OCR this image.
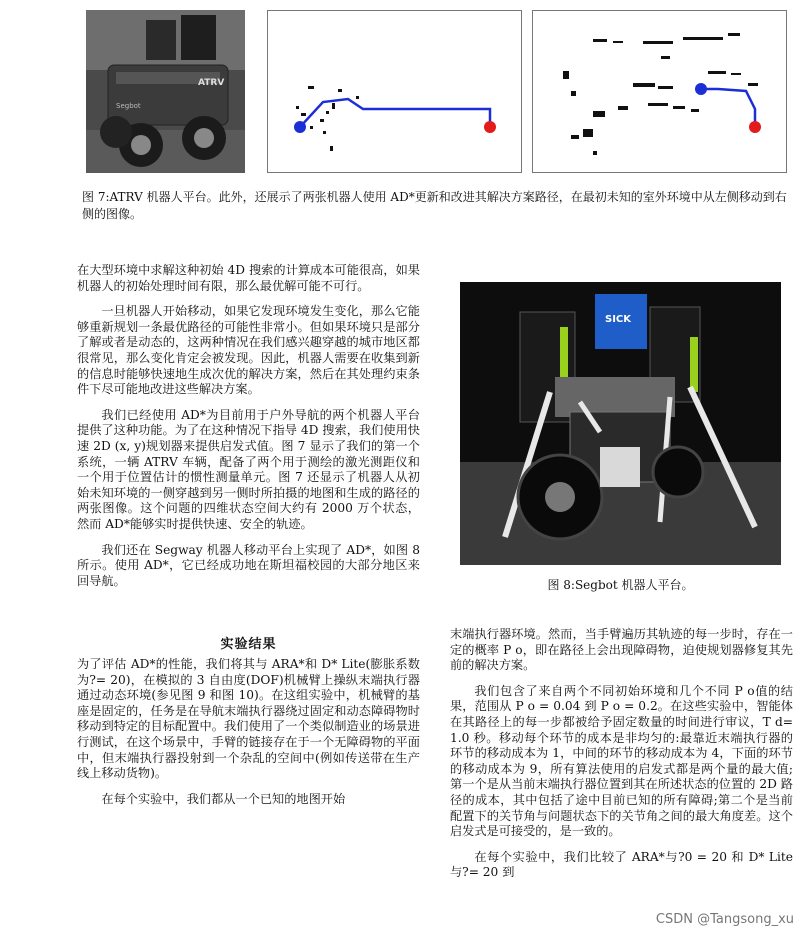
ATRV
Segbot
图 7:ATRV 机器人平台。此外，还展示了两张机器人使用 AD*更新和改进其解决方案路径，在最初未知的室外环境中从左侧移动到右侧的图像。

在大型环境中求解这种初始 4D 搜索的计算成本可能很高，如果机器人的初始处理时间有限，那么最优解可能不可行。

一旦机器人开始移动，如果它发现环境发生变化，那么它能够重新规划一条最优路径的可能性非常小。但如果环境只是部分了解或者是动态的，这两种情况在我们感兴趣穿越的城市地区都很常见，那么变化肯定会被发现。因此，机器人需要在收集到新的信息时能够快速地生成次优的解决方案，然后在其处理约束条件下尽可能地改进这些解决方案。

我们已经使用 AD*为目前用于户外导航的两个机器人平台提供了这种功能。为了在这种情况下指导 4D 搜索，我们使用快速 2D (x, y)规划器来提供启发式值。图 7 显示了我们的第一个系统，一辆 ATRV 车辆，配备了两个用于测绘的激光测距仪和一个用于位置估计的惯性测量单元。图 7 还显示了机器人从初始未知环境的一侧穿越到另一侧时所拍摄的地图和生成的路径的两张图像。这个问题的四维状态空间大约有 2000 万个状态，然而 AD*能够实时提供快速、安全的轨迹。

我们还在 Segway 机器人移动平台上实现了 AD*，如图 8 所示。使用 AD*，它已经成功地在斯坦福校园的大部分地区来回导航。

实验结果

为了评估 AD*的性能，我们将其与 ARA*和 D* Lite(膨胀系数为?= 20)，在模拟的 3 自由度(DOF)机械臂上操纵末端执行器通过动态环境(参见图 9 和图 10)。在这组实验中，机械臂的基座是固定的，任务是在导航末端执行器绕过固定和动态障碍物时移动到特定的目标配置中。我们使用了一个类似制造业的场景进行测试，在这个场景中，手臂的链接存在于一个无障碍物的平面中，但末端执行器投射到一个杂乱的空间中(例如传送带在生产线上移动货物)。

在每个实验中，我们都从一个已知的地图开始

SICK
图 8:Segbot 机器人平台。

末端执行器环境。然而，当手臂遍历其轨迹的每一步时，存在一定的概率 P o，即在路径上会出现障碍物，迫使规划器修复其先前的解决方案。

我们包含了来自两个不同初始环境和几个不同 P o值的结果，范围从 P o = 0.04 到 P o = 0.2。在这些实验中，智能体在其路径上的每一步都被给予固定数量的时间进行审议，T d= 1.0 秒。移动每个环节的成本是非均匀的:最靠近末端执行器的环节的移动成本为 1，中间的环节的移动成本为 4，下面的环节的移动成本为 9，所有算法使用的启发式都是两个量的最大值;第一个是从当前末端执行器位置到其在所述状态的位置的 2D 路径的成本，其中包括了途中目前已知的所有障碍;第二个是当前配置下的关节角与问题状态下的关节角之间的最大角度差。这个启发式是可接受的，是一致的。

在每个实验中，我们比较了 ARA*与?0 = 20 和 D* Lite 与?= 20 到

CSDN @Tangsong_xu
